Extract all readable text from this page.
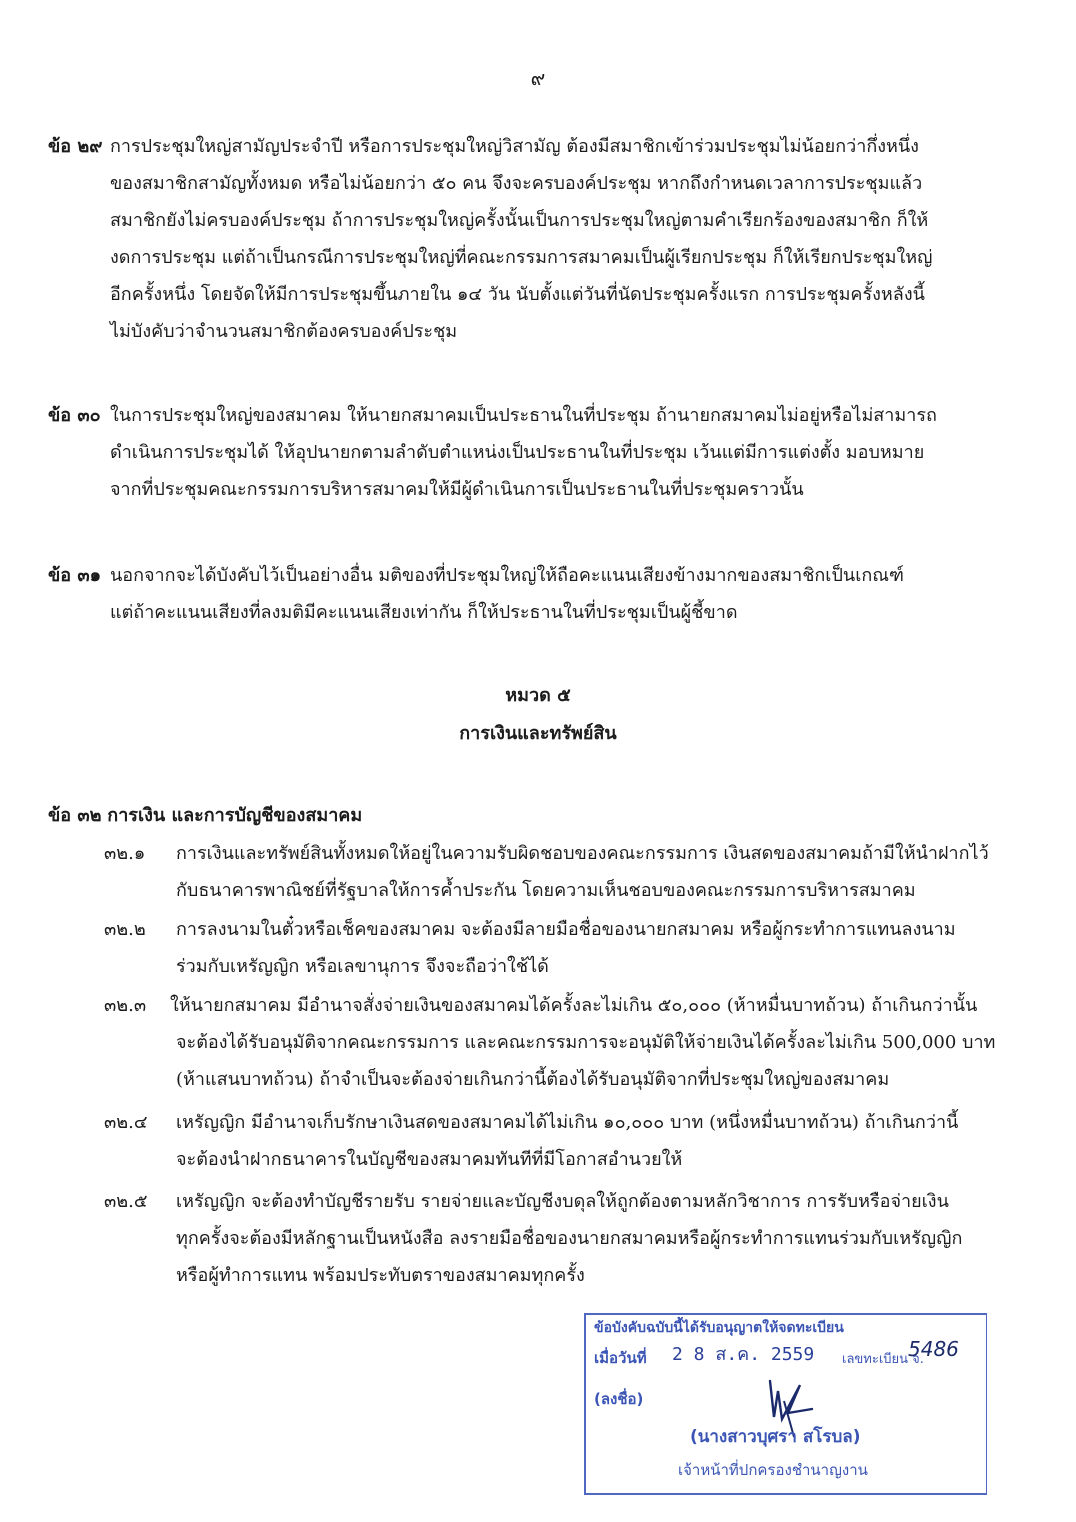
๙
ข้อ ๒๙ การประชุมใหญ่สามัญประจำปี หรือการประชุมใหญ่วิสามัญ ต้องมีสมาชิกเข้าร่วมประชุมไม่น้อยกว่ากึ่งหนึ่ง
ของสมาชิกสามัญทั้งหมด หรือไม่น้อยกว่า ๕๐ คน จึงจะครบองค์ประชุม หากถึงกำหนดเวลาการประชุมแล้ว
สมาชิกยังไม่ครบองค์ประชุม ถ้าการประชุมใหญ่ครั้งนั้นเป็นการประชุมใหญ่ตามคำเรียกร้องของสมาชิก ก็ให้
งดการประชุม แต่ถ้าเป็นกรณีการประชุมใหญ่ที่คณะกรรมการสมาคมเป็นผู้เรียกประชุม ก็ให้เรียกประชุมใหญ่
อีกครั้งหนึ่ง โดยจัดให้มีการประชุมขึ้นภายใน ๑๔ วัน นับตั้งแต่วันที่นัดประชุมครั้งแรก การประชุมครั้งหลังนี้
ไม่บังคับว่าจำนวนสมาชิกต้องครบองค์ประชุม
ข้อ ๓๐ ในการประชุมใหญ่ของสมาคม ให้นายกสมาคมเป็นประธานในที่ประชุม ถ้านายกสมาคมไม่อยู่หรือไม่สามารถ
ดำเนินการประชุมได้ ให้อุปนายกตามลำดับตำแหน่งเป็นประธานในที่ประชุม เว้นแต่มีการแต่งตั้ง มอบหมาย
จากที่ประชุมคณะกรรมการบริหารสมาคมให้มีผู้ดำเนินการเป็นประธานในที่ประชุมคราวนั้น
ข้อ ๓๑ นอกจากจะได้บังคับไว้เป็นอย่างอื่น มติของที่ประชุมใหญ่ให้ถือคะแนนเสียงข้างมากของสมาชิกเป็นเกณฑ์
แต่ถ้าคะแนนเสียงที่ลงมติมีคะแนนเสียงเท่ากัน ก็ให้ประธานในที่ประชุมเป็นผู้ชี้ขาด
หมวด ๕
การเงินและทรัพย์สิน
ข้อ ๓๒ การเงิน และการบัญชีของสมาคม
๓๒.๑ การเงินและทรัพย์สินทั้งหมดให้อยู่ในความรับผิดชอบของคณะกรรมการ เงินสดของสมาคมถ้ามีให้นำฝากไว้
กับธนาคารพาณิชย์ที่รัฐบาลให้การค้ำประกัน โดยความเห็นชอบของคณะกรรมการบริหารสมาคม
๓๒.๒ การลงนามในตั๋วหรือเช็คของสมาคม จะต้องมีลายมือชื่อของนายกสมาคม หรือผู้กระทำการแทนลงนาม
ร่วมกับเหรัญญิก หรือเลขานุการ จึงจะถือว่าใช้ได้
๓๒.๓ ให้นายกสมาคม มีอำนาจสั่งจ่ายเงินของสมาคมได้ครั้งละไม่เกิน ๕๐,๐๐๐ (ห้าหมื่นบาทถ้วน) ถ้าเกินกว่านั้น
จะต้องได้รับอนุมัติจากคณะกรรมการ และคณะกรรมการจะอนุมัติให้จ่ายเงินได้ครั้งละไม่เกิน 500,000 บาท
(ห้าแสนบาทถ้วน) ถ้าจำเป็นจะต้องจ่ายเกินกว่านี้ต้องได้รับอนุมัติจากที่ประชุมใหญ่ของสมาคม
๓๒.๔ เหรัญญิก มีอำนาจเก็บรักษาเงินสดของสมาคมได้ไม่เกิน ๑๐,๐๐๐ บาท (หนึ่งหมื่นบาทถ้วน) ถ้าเกินกว่านี้
จะต้องนำฝากธนาคารในบัญชีของสมาคมทันทีที่มีโอกาสอำนวยให้
๓๒.๕ เหรัญญิก จะต้องทำบัญชีรายรับ รายจ่ายและบัญชีงบดุลให้ถูกต้องตามหลักวิชาการ การรับหรือจ่ายเงิน
ทุกครั้งจะต้องมีหลักฐานเป็นหนังสือ ลงรายมือชื่อของนายกสมาคมหรือผู้กระทำการแทนร่วมกับเหรัญญิก
หรือผู้ทำการแทน พร้อมประทับตราของสมาคมทุกครั้ง
ข้อบังคับฉบับนี้ได้รับอนุญาตให้จดทะเบียน
เมื่อวันที่ 2 8 ส.ค. 2559 เลขทะเบียน จ.
5486
(ลงชื่อ)
(นางสาวบุศรา สโรบล)
เจ้าหน้าที่ปกครองชำนาญงาน
